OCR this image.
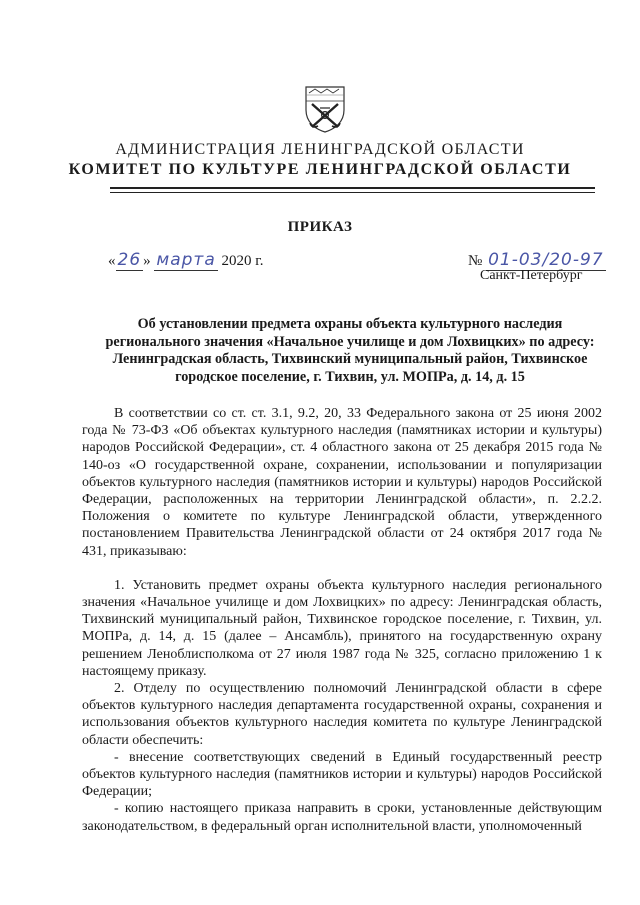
АДМИНИСТРАЦИЯ ЛЕНИНГРАДСКОЙ ОБЛАСТИ
КОМИТЕТ ПО КУЛЬТУРЕ ЛЕНИНГРАДСКОЙ ОБЛАСТИ
ПРИКАЗ
« 26 » марта 2020 г.	№ 01-03/20-97
Санкт-Петербург
Об установлении предмета охраны объекта культурного наследия регионального значения «Начальное училище и дом Лохвицких» по адресу: Ленинградская область, Тихвинский муниципальный район, Тихвинское городское поселение, г. Тихвин, ул. МОПРа, д. 14, д. 15

В соответствии со ст. ст. 3.1, 9.2, 20, 33 Федерального закона от 25 июня 2002 года № 73-ФЗ «Об объектах культурного наследия (памятниках истории и культуры) народов Российской Федерации», ст. 4 областного закона от 25 декабря 2015 года № 140-оз «О государственной охране, сохранении, использовании и популяризации объектов культурного наследия (памятников истории и культуры) народов Российской Федерации, расположенных на территории Ленинградской области», п. 2.2.2. Положения о комитете по культуре Ленинградской области, утвержденного постановлением Правительства Ленинградской области от 24 октября 2017 года № 431, приказываю:

1. Установить предмет охраны объекта культурного наследия регионального значения «Начальное училище и дом Лохвицких» по адресу: Ленинградская область, Тихвинский муниципальный район, Тихвинское городское поселение, г. Тихвин, ул. МОПРа, д. 14, д. 15 (далее – Ансамбль), принятого на государственную охрану решением Леноблисполкома от 27 июля 1987 года № 325, согласно приложению 1 к настоящему приказу.

2. Отделу по осуществлению полномочий Ленинградской области в сфере объектов культурного наследия департамента государственной охраны, сохранения и использования объектов культурного наследия комитета по культуре Ленинградской области обеспечить:

- внесение соответствующих сведений в Единый государственный реестр объектов культурного наследия (памятников истории и культуры) народов Российской Федерации;

- копию настоящего приказа направить в сроки, установленные действующим законодательством, в федеральный орган исполнительной власти, уполномоченный
